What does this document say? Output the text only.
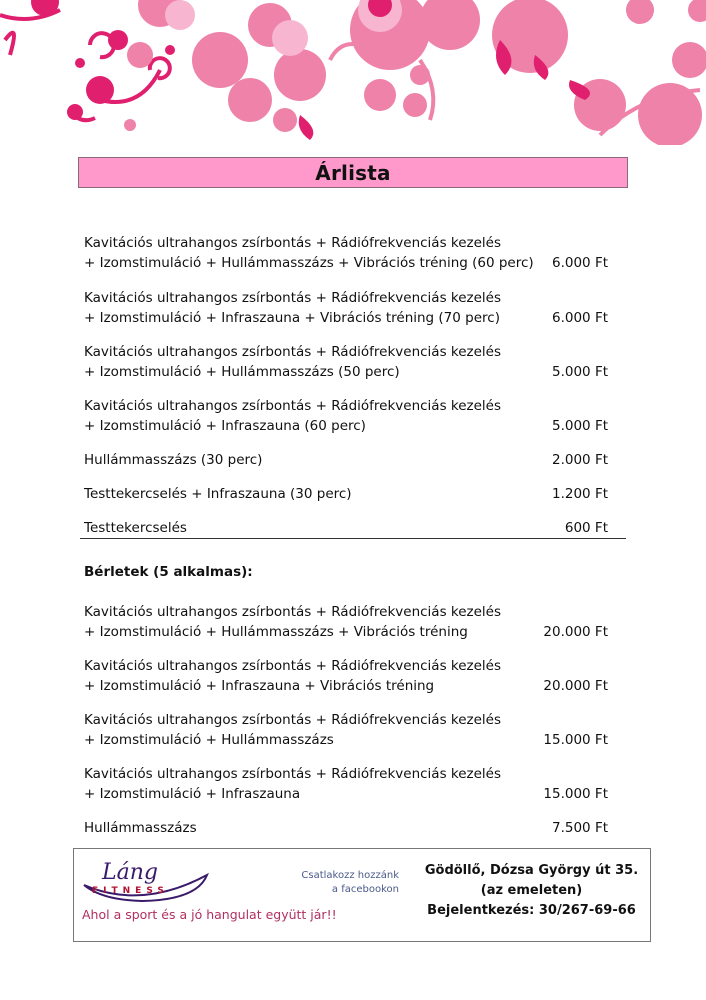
Árlista
Kavitációs ultrahangos zsírbontás + Rádiófrekvenciás kezelés
+ Izomstimuláció + Hullámmasszázs + Vibrációs tréning (60 perc) 6.000 Ft
Kavitációs ultrahangos zsírbontás + Rádiófrekvenciás kezelés
+ Izomstimuláció + Infraszauna + Vibrációs tréning (70 perc)	6.000 Ft
Kavitációs ultrahangos zsírbontás + Rádiófrekvenciás kezelés
+ Izomstimuláció + Hullámmasszázs (50 perc)	5.000 Ft
Kavitációs ultrahangos zsírbontás + Rádiófrekvenciás kezelés
+ Izomstimuláció + Infraszauna (60 perc)	5.000 Ft
Hullámmasszázs (30 perc)	2.000 Ft
Testtekercselés + Infraszauna (30 perc)	1.200 Ft
Testtekercselés	600 Ft
Bérletek (5 alkalmas):
Kavitációs ultrahangos zsírbontás + Rádiófrekvenciás kezelés
+ Izomstimuláció + Hullámmasszázs + Vibrációs tréning	20.000 Ft
Kavitációs ultrahangos zsírbontás + Rádiófrekvenciás kezelés
+ Izomstimuláció + Infraszauna + Vibrációs tréning	20.000 Ft
Kavitációs ultrahangos zsírbontás + Rádiófrekvenciás kezelés
+ Izomstimuláció + Hullámmasszázs	15.000 Ft
Kavitációs ultrahangos zsírbontás + Rádiófrekvenciás kezelés
+ Izomstimuláció + Infraszauna	15.000 Ft
Hullámmasszázs	7.500 Ft
Láng
FITNESS
Ahol a sport és a jó hangulat együtt jár!!
Csatlakozz hozzánk
a facebookon
Gödöllő, Dózsa György út 35.
(az emeleten)
Bejelentkezés: 30/267-69-66
